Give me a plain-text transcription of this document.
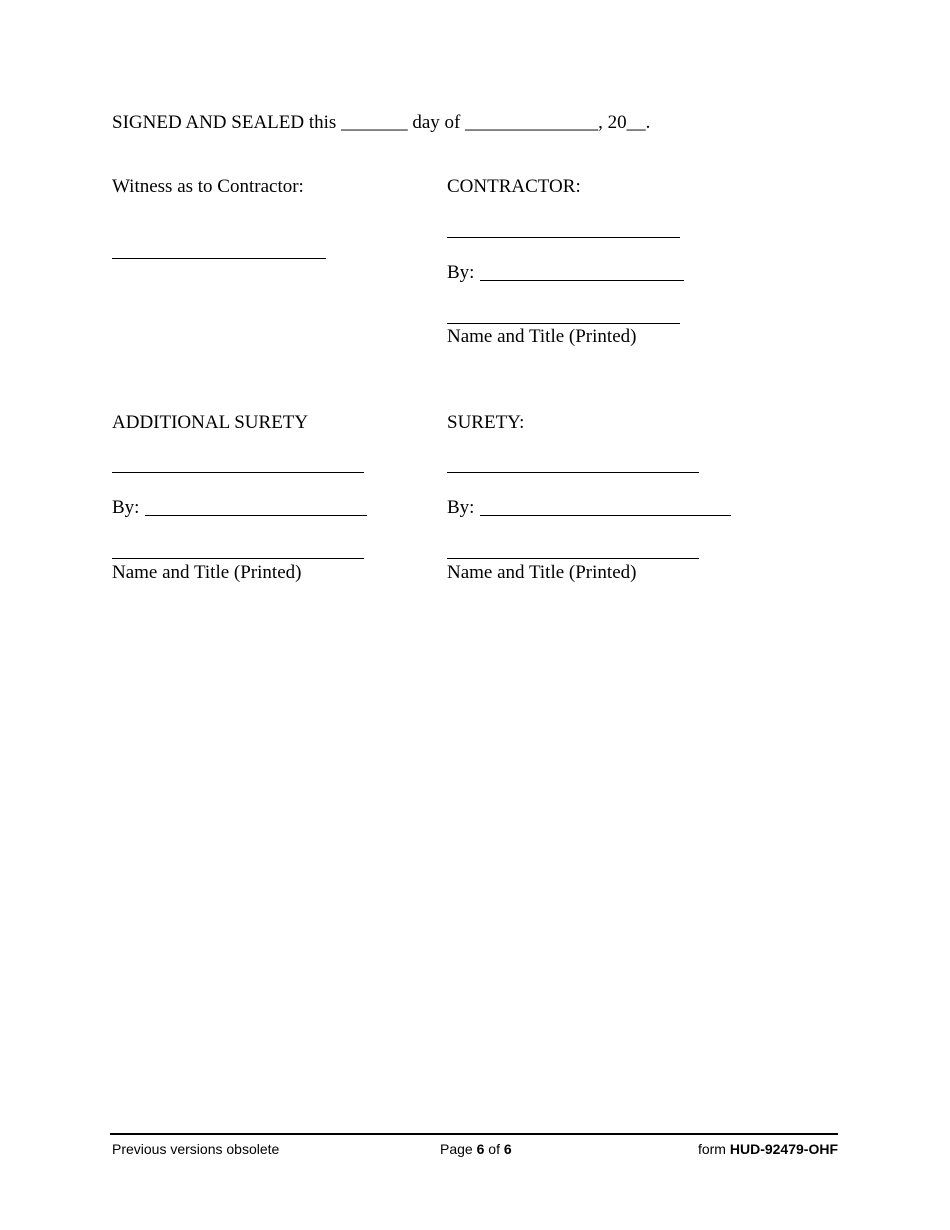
SIGNED AND SEALED this _______ day of ______________, 20__.
Witness as to Contractor:	CONTRACTOR:
By:
Name and Title (Printed)
ADDITIONAL SURETY	SURETY:
By:	By:
Name and Title (Printed)	Name and Title (Printed)
Previous versions obsolete	Page 6 of 6	form HUD-92479-OHF
